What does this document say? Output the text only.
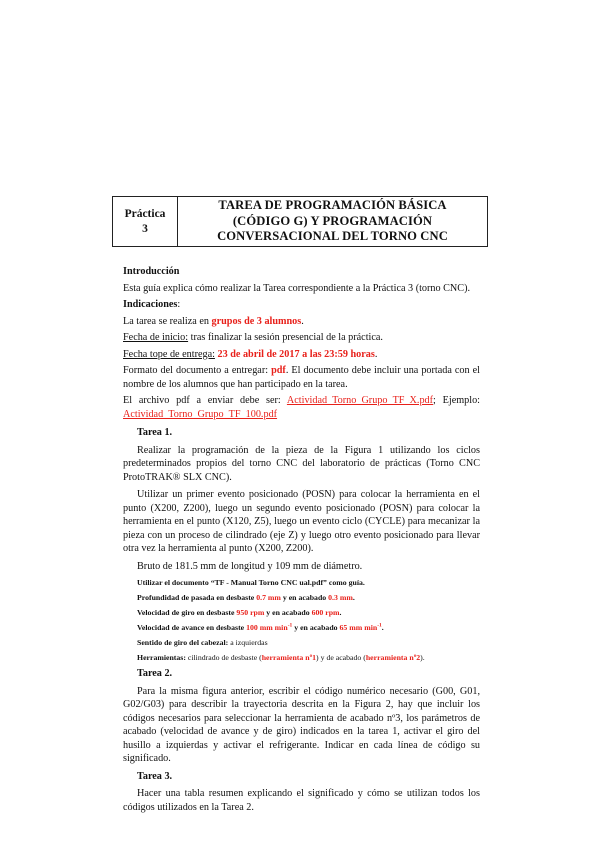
Práctica
3
TAREA DE PROGRAMACIÓN BÁSICA
(CÓDIGO G) Y PROGRAMACIÓN
CONVERSACIONAL DEL TORNO CNC

Introducción

Esta guía explica cómo realizar la Tarea correspondiente a la Práctica 3 (torno CNC).

Indicaciones:

La tarea se realiza en grupos de 3 alumnos.

Fecha de inicio: tras finalizar la sesión presencial de la práctica.

Fecha tope de entrega: 23 de abril de 2017 a las 23:59 horas.

Formato del documento a entregar: pdf. El documento debe incluir una portada con el nombre de los alumnos que han participado en la tarea.

El archivo pdf a enviar debe ser: Actividad_Torno_Grupo_TF_X.pdf; Ejemplo: Actividad_Torno_Grupo_TF_100.pdf

Tarea 1.

Realizar la programación de la pieza de la Figura 1 utilizando los ciclos predeterminados propios del torno CNC del laboratorio de prácticas (Torno CNC ProtoTRAK® SLX CNC).

Utilizar un primer evento posicionado (POSN) para colocar la herramienta en el punto (X200, Z200), luego un segundo evento posicionado (POSN) para colocar la herramienta en el punto (X120, Z5), luego un evento ciclo (CYCLE) para mecanizar la pieza con un proceso de cilindrado (eje Z) y luego otro evento posicionado para llevar otra vez la herramienta al punto (X200, Z200).

Bruto de 181.5 mm de longitud y 109 mm de diámetro.

Utilizar el documento “TF - Manual Torno CNC ual.pdf” como guía.

Profundidad de pasada en desbaste 0.7 mm y en acabado 0.3 mm.

Velocidad de giro en desbaste 950 rpm y en acabado 600 rpm.

Velocidad de avance en desbaste 100 mm $\min^{-1} y$ en acabado 65 mm $\min^{-1}$.

Sentido de giro del cabezal: a izquierdas

Herramientas: cilindrado de desbaste (herramienta nº1) y de acabado (herramienta nº2).

Tarea 2.

Para la misma figura anterior, escribir el código numérico necesario (G00, G01, G02/G03) para describir la trayectoria descrita en la Figura 2, hay que incluir los códigos necesarios para seleccionar la herramienta de acabado nº3, los parámetros de acabado (velocidad de avance y de giro) indicados en la tarea 1, activar el giro del husillo a izquierdas y activar el refrigerante. Indicar en cada línea de código su significado.

Tarea 3.

Hacer una tabla resumen explicando el significado y cómo se utilizan todos los códigos utilizados en la Tarea 2.
